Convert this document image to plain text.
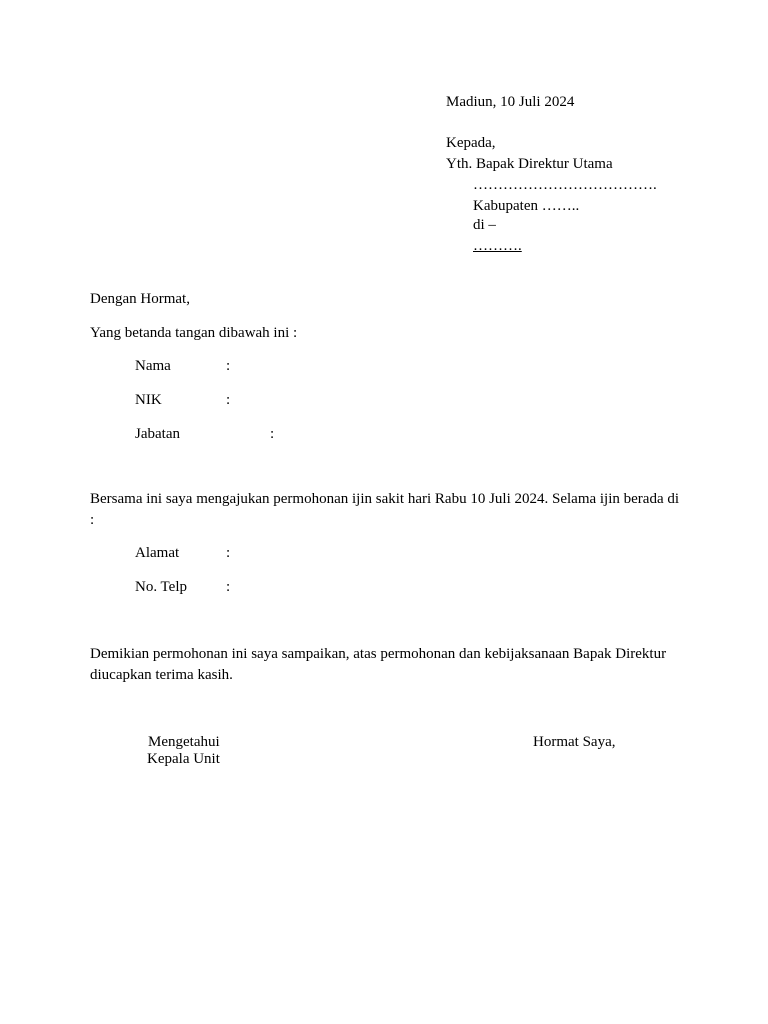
Madiun, 10 Juli 2024
Kepada,
Yth. Bapak Direktur Utama
……………………………….
Kabupaten ……..
di –
……….
Dengan Hormat,
Yang betanda tangan dibawah ini :
Nama	:
NIK	:
Jabatan	:
Bersama ini saya mengajukan permohonan ijin sakit hari Rabu 10 Juli 2024. Selama ijin berada di :
Alamat	:
No. Telp	:
Demikian permohonan ini saya sampaikan, atas permohonan dan kebijaksanaan Bapak Direktur diucapkan terima kasih.
Mengetahui
Kepala Unit
Hormat Saya,
